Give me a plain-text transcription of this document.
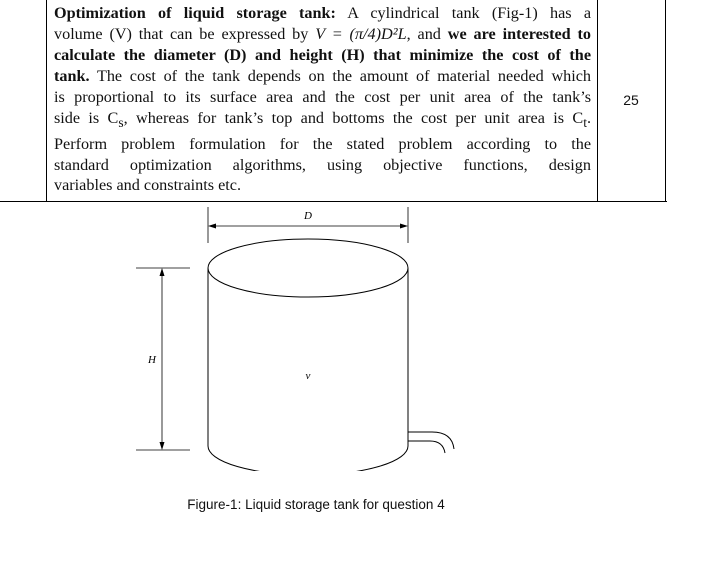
Optimization of liquid storage tank: A cylindrical tank (Fig-1) has a
volume (V) that can be expressed by V = (π/4)D²L, and we are interested to
calculate the diameter (D) and height (H) that minimize the cost of the
tank. The cost of the tank depends on the amount of material needed which
is proportional to its surface area and the cost per unit area of the tank’s
side is $C_s$, whereas for tank’s top and bottoms the cost per unit area is $C_t$.
Perform problem formulation for the stated problem according to the
standard optimization algorithms, using objective functions, design
variables and constraints etc.
25
D
H
v
Figure-1: Liquid storage tank for question 4
